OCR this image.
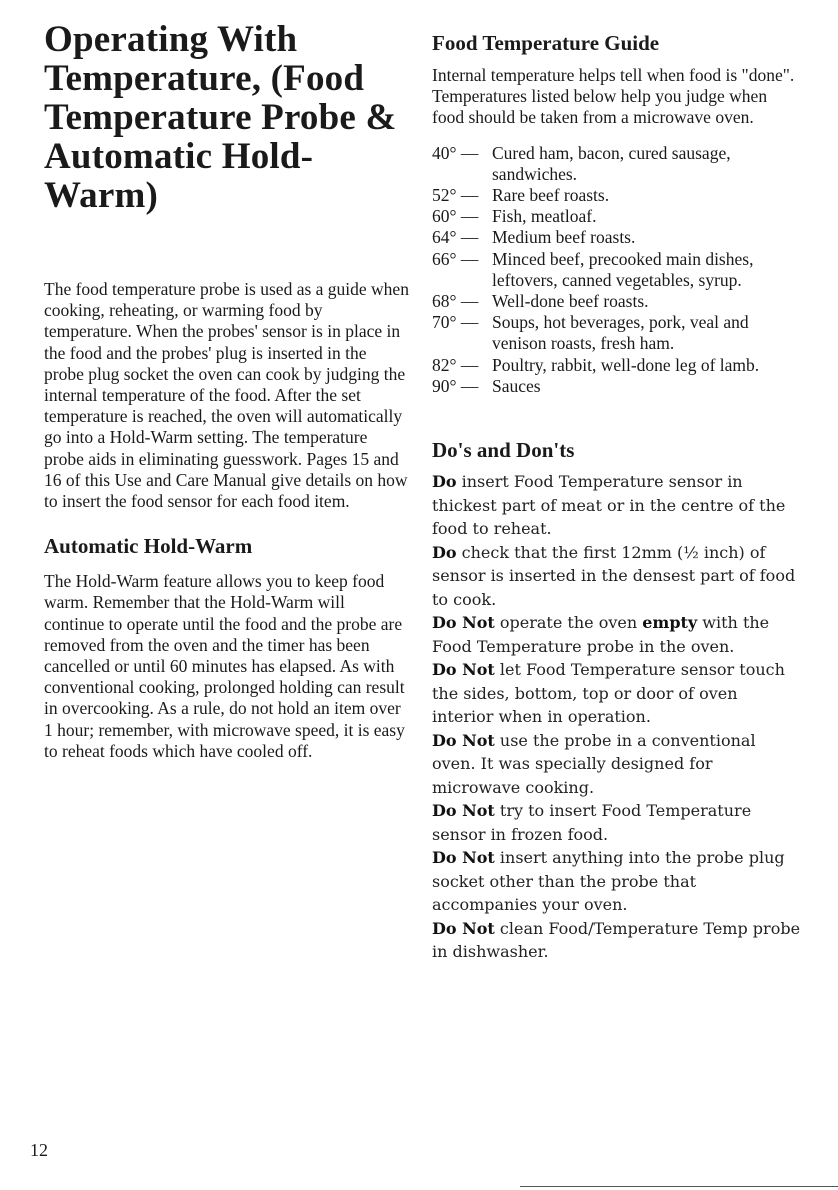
Operating With Temperature, (Food Temperature Probe & Automatic Hold-Warm)

The food temperature probe is used as a guide when cooking, reheating, or warming food by temperature. When the probes' sensor is in place in the food and the probes' plug is inserted in the probe plug socket the oven can cook by judging the internal temperature of the food. After the set temperature is reached, the oven will automatically go into a Hold-Warm setting. The temperature probe aids in eliminating guesswork. Pages 15 and 16 of this Use and Care Manual give details on how to insert the food sensor for each food item.

Automatic Hold-Warm

The Hold-Warm feature allows you to keep food warm. Remember that the Hold-Warm will continue to operate until the food and the probe are removed from the oven and the timer has been cancelled or until 60 minutes has elapsed. As with conventional cooking, prolonged holding can result in overcooking. As a rule, do not hold an item over 1 hour; remember, with microwave speed, it is easy to reheat foods which have cooled off.

Food Temperature Guide

Internal temperature helps tell when food is "done". Temperatures listed below help you judge when food should be taken from a microwave oven.

40° — Cured ham, bacon, cured sausage, sandwiches.
52° — Rare beef roasts.
60° — Fish, meatloaf.
64° — Medium beef roasts.
66° — Minced beef, precooked main dishes, leftovers, canned vegetables, syrup.
68° — Well-done beef roasts.
70° — Soups, hot beverages, pork, veal and venison roasts, fresh ham.
82° — Poultry, rabbit, well-done leg of lamb.
90° — Sauces
Do's and Don'ts
Do insert Food Temperature sensor in thickest part of meat or in the centre of the food to reheat.
Do check that the first 12mm (½ inch) of sensor is inserted in the densest part of food to cook.
Do Not operate the oven empty with the Food Temperature probe in the oven.
Do Not let Food Temperature sensor touch the sides, bottom, top or door of oven interior when in operation.
Do Not use the probe in a conventional oven. It was specially designed for microwave cooking.
Do Not try to insert Food Temperature sensor in frozen food.
Do Not insert anything into the probe plug socket other than the probe that accompanies your oven.
Do Not clean Food/Temperature Temp probe in dishwasher.
12
